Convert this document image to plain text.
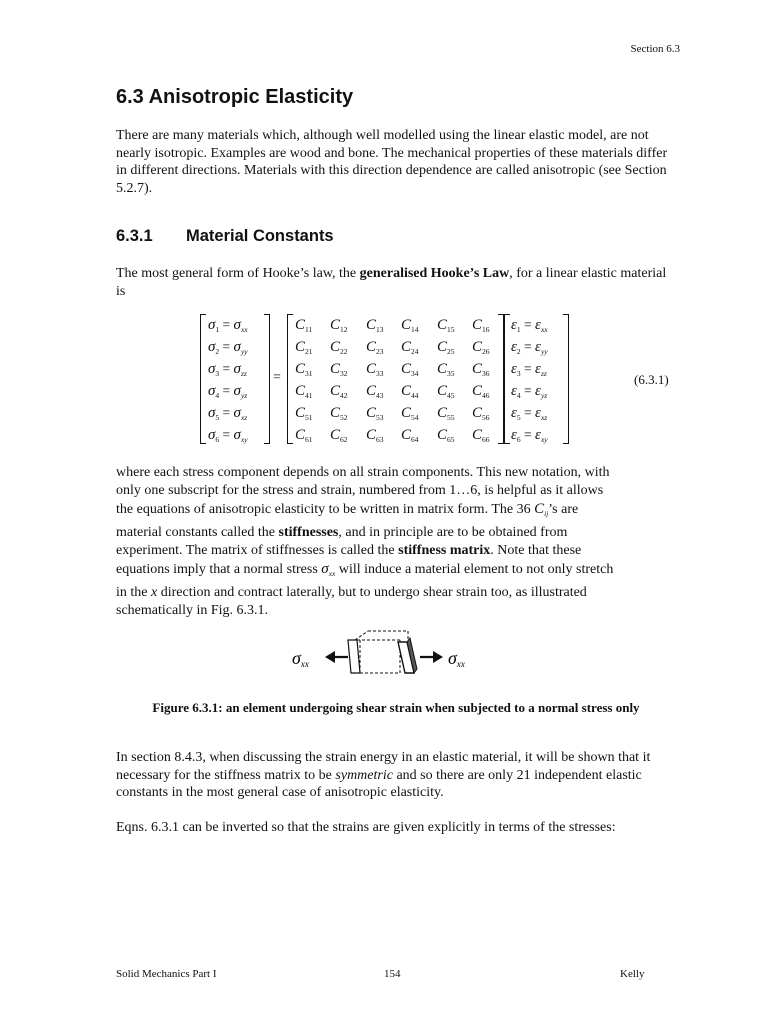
Section 6.3
6.3 Anisotropic Elasticity
There are many materials which, although well modelled using the linear elastic model, are not nearly isotropic. Examples are wood and bone. The mechanical properties of these materials differ in different directions. Materials with this direction dependence are called anisotropic (see Section 5.2.7).
6.3.1 Material Constants
The most general form of Hooke’s law, the generalised Hooke’s Law, for a linear elastic material is
$\sigma_1 = \sigma_{xx}$
$\sigma_2 = \sigma_{yy}$
$\sigma_3 = \sigma_{zz}$
$\sigma_4 = \sigma_{yz}$
$\sigma_5 = \sigma_{xz}$
$\sigma_6 = \sigma_{xy}$
=
$C_{11}$ $C_{12}$ $C_{13}$ $C_{14}$ $C_{15}$ $C_{16}$
$C_{21}$ $C_{22}$ $C_{23}$ $C_{24}$ $C_{25}$ $C_{26}$
$C_{31}$ $C_{32}$ $C_{33}$ $C_{34}$ $C_{35}$ $C_{36}$
$C_{41}$ $C_{42}$ $C_{43}$ $C_{44}$ $C_{45}$ $C_{46}$
$C_{51}$ $C_{52}$ $C_{53}$ $C_{54}$ $C_{55}$ $C_{56}$
$C_{61}$ $C_{62}$ $C_{63}$ $C_{64}$ $C_{65}$ $C_{66}$
$\varepsilon_1 = \varepsilon_{xx}$
$\varepsilon_2 = \varepsilon_{yy}$
$\varepsilon_3 = \varepsilon_{zz}$
$\varepsilon_4 = \varepsilon_{yz}$
$\varepsilon_5 = \varepsilon_{xz}$
$\varepsilon_6 = \varepsilon_{xy}$
(6.3.1)
where each stress component depends on all strain components. This new notation, with
only one subscript for the stress and strain, numbered from 1…6, is helpful as it allows
the equations of anisotropic elasticity to be written in matrix form. The 36 $C_{ij}’s$ are
material constants called the stiffnesses, and in principle are to be obtained from
experiment. The matrix of stiffnesses is called the stiffness matrix. Note that these
equations imply that a normal stress $\sigma_{xx}$ will induce a material element to not only stretch
in the x direction and contract laterally, but to undergo shear strain too, as illustrated
schematically in Fig. 6.3.1.
σxx	σxx
Figure 6.3.1: an element undergoing shear strain when subjected to a normal stress only
In section 8.4.3, when discussing the strain energy in an elastic material, it will be shown that it necessary for the stiffness matrix to be symmetric and so there are only 21 independent elastic constants in the most general case of anisotropic elasticity.
Eqns. 6.3.1 can be inverted so that the strains are given explicitly in terms of the stresses:
Solid Mechanics Part I	154	Kelly
